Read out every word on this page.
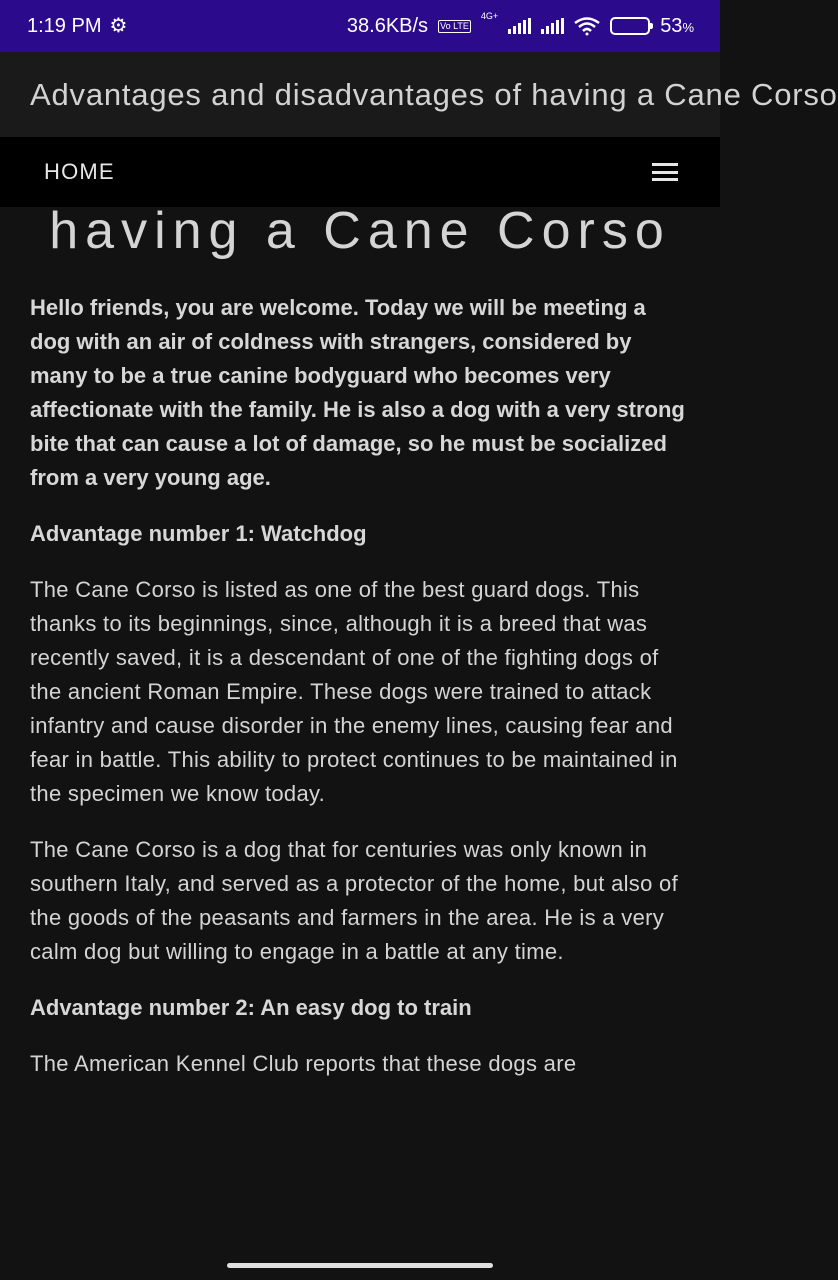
1:19 PM ⚙	38.6KB/s Vo LTE
4G+	53%
Advantages and disadvantages of having a Cane Corso
HOME
having a Cane Corso

Hello friends, you are welcome. Today we will be meeting a dog with an air of coldness with strangers, considered by many to be a true canine bodyguard who becomes very affectionate with the family. He is also a dog with a very strong bite that can cause a lot of damage, so he must be socialized from a very young age.

Advantage number 1: Watchdog

The Cane Corso is listed as one of the best guard dogs. This thanks to its beginnings, since, although it is a breed that was recently saved, it is a descendant of one of the fighting dogs of the ancient Roman Empire. These dogs were trained to attack infantry and cause disorder in the enemy lines, causing fear and fear in battle. This ability to protect continues to be maintained in the specimen we know today.

The Cane Corso is a dog that for centuries was only known in southern Italy, and served as a protector of the home, but also of the goods of the peasants and farmers in the area. He is a very calm dog but willing to engage in a battle at any time.

Advantage number 2: An easy dog to train

The American Kennel Club reports that these dogs are
